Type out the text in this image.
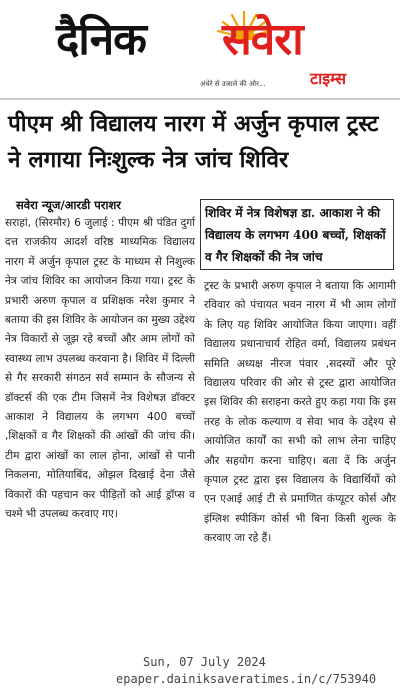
दैनिक सवेरा
टाइम्स
अंधेरे से उजाले की ओर...
पीएम श्री विद्यालय नारग में अर्जुन कृपाल ट्रस्ट ने लगाया निःशुल्क नेत्र जांच शिविर
सवेरा न्यूज/आरडी पराशर
सराहां, (सिरमौर) 6 जुलाई : पीएम श्री पंडित दुर्गा दत्त राजकीय आदर्श वरिष्ठ माध्यमिक विद्यालय नारग में अर्जुन कृपाल ट्रस्ट के माध्यम से निशुल्क नेत्र जांच शिविर का आयोजन किया गया। ट्रस्ट के प्रभारी अरुण कृपाल व प्रशिक्षक नरेश कुमार ने बताया की इस शिविर के आयोजन का मुख्य उद्देश्य नेत्र विकारों से जूझ रहे बच्चों और आम लोगों को स्वास्थ्य लाभ उपलब्ध करवाना है। शिविर में दिल्ली से गैर सरकारी संगठन सर्व सम्मान के सौजन्य से डॉक्टर्स की एक टीम जिसमें नेत्र विशेषज्ञ डॉक्टर आकाश ने विद्यालय के लगभग 400 बच्चों ,शिक्षकों व गैर शिक्षकों की आंखों की जांच की। टीम द्वारा आंखों का लाल होना, आंखों से पानी निकलना, मोतियाबिंद, ओझल दिखाई देना जैसे विकारों की पहचान कर पीड़ितों को आई ड्रॉप्स व चश्मे भी उपलब्ध करवाए गए।
शिविर में नेत्र विशेषज्ञ डा. आकाश ने की विद्यालय के लगभग 400 बच्चों, शिक्षकों व गैर शिक्षकों की नेत्र जांच
ट्रस्ट के प्रभारी अरुण कृपाल ने बताया कि आगामी रविवार को पंचायत भवन नारग में भी आम लोगों के लिए यह शिविर आयोजित किया जाएगा। वहीं विद्यालय प्रधानाचार्य रोहित वर्मा, विद्यालय प्रबंधन समिति अध्यक्ष नीरज पंवार ,सदस्यों और पूरे विद्यालय परिवार की ओर से ट्रस्ट द्वारा आयोजित इस शिविर की सराहना करते हुए कहा गया कि इस तरह के लोक कल्याण व सेवा भाव के उद्देश्य से आयोजित कार्यों का सभी को लाभ लेना चाहिए और सहयोग करना चाहिए। बता दें कि अर्जुन कृपाल ट्रस्ट द्वारा इस विद्यालय के विद्यार्थियों को एन एआई आई टी से प्रमाणित कंप्यूटर कोर्स और इंग्लिश स्पीकिंग कोर्स भी बिना किसी शुल्क के करवाए जा रहे हैं।
Sun, 07 July 2024
epaper.dainiksaveratimes.in/c/753940
